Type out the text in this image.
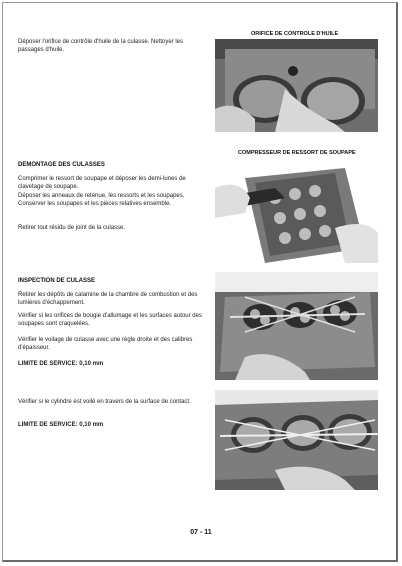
Déposer l'orifice de contrôle d'huile de la culasse. Nettoyer les passages d'huile.
ORIFICE DE CONTROLE D'HUILE
DEMONTAGE DES CULASSES
Comprimer le ressort de soupape et déposer les demi-lunes de clavetage de soupape.
Déposer les anneaux de retenue, les ressorts et les soupapes.
Conserver les soupapes et les pièces relatives ensemble.
Retirer tout résidu de joint de la culasse.
COMPRESSEUR DE RESSORT DE SOUPAPE
INSPECTION DE CULASSE
Retirer les dépôts de calamine de la chambre de combustion et des lumières d'échappement.
Vérifier si les orifices de bougie d'allumage et les surfaces autour des soupapes sont craquelées.
Vérifier le voilage de culasse avec une règle droite et des calibres d'épaisseur.
LIMITE DE SERVICE: 0,10 mm
Vérifier si le cylindre est voilé en travers de la surface de contact.
LIMITE DE SERVICE: 0,10 mm
07 - 11
